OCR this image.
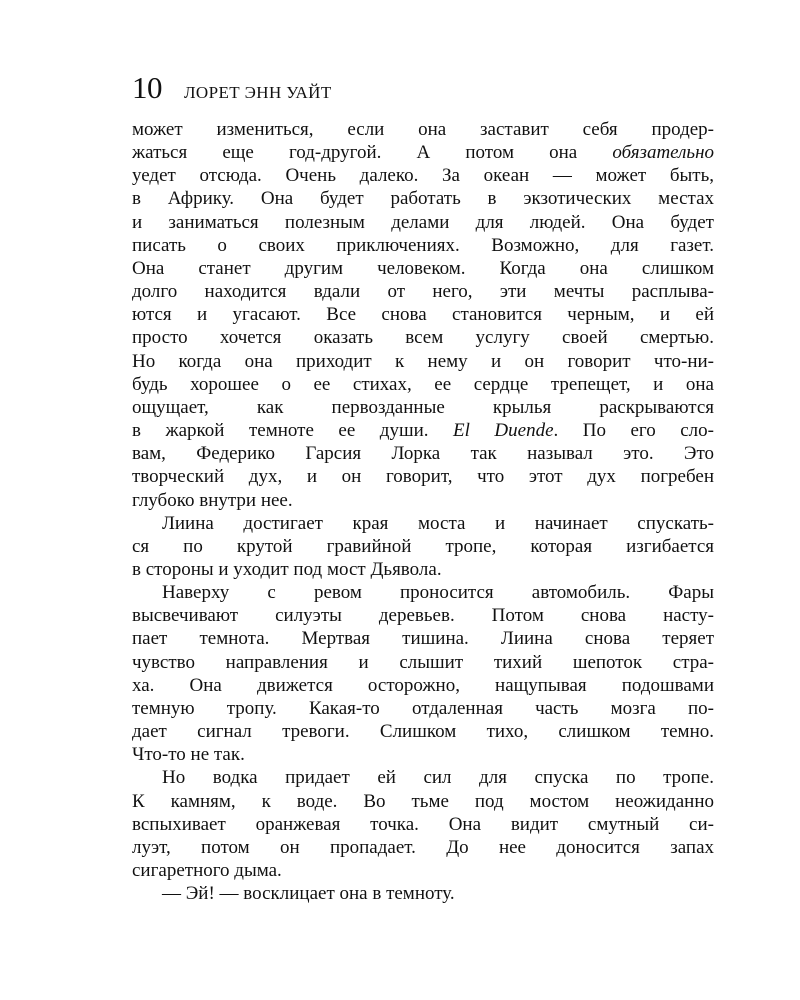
10 ЛОРЕТ ЭНН УАЙТ
может измениться, если она заставит себя продер-
жаться еще год-другой. А потом она обязательно
уедет отсюда. Очень далеко. За океан — может быть,
в Африку. Она будет работать в экзотических местах
и заниматься полезным делами для людей. Она будет
писать о своих приключениях. Возможно, для газет.
Она станет другим человеком. Когда она слишком
долго находится вдали от него, эти мечты расплыва-
ются и угасают. Все снова становится черным, и ей
просто хочется оказать всем услугу своей смертью.
Но когда она приходит к нему и он говорит что-ни-
будь хорошее о ее стихах, ее сердце трепещет, и она
ощущает, как первозданные крылья раскрываются
в жаркой темноте ее души. El Duende. По его сло-
вам, Федерико Гарсия Лорка так называл это. Это
творческий дух, и он говорит, что этот дух погребен
глубоко внутри нее.
Лиина достигает края моста и начинает спускать-
ся по крутой гравийной тропе, которая изгибается
в стороны и уходит под мост Дьявола.
Наверху с ревом проносится автомобиль. Фары
высвечивают силуэты деревьев. Потом снова насту-
пает темнота. Мертвая тишина. Лиина снова теряет
чувство направления и слышит тихий шепоток стра-
ха. Она движется осторожно, нащупывая подошвами
темную тропу. Какая-то отдаленная часть мозга по-
дает сигнал тревоги. Слишком тихо, слишком темно.
Что-то не так.
Но водка придает ей сил для спуска по тропе.
К камням, к воде. Во тьме под мостом неожиданно
вспыхивает оранжевая точка. Она видит смутный си-
луэт, потом он пропадает. До нее доносится запах
сигаретного дыма.
— Эй! — восклицает она в темноту.
